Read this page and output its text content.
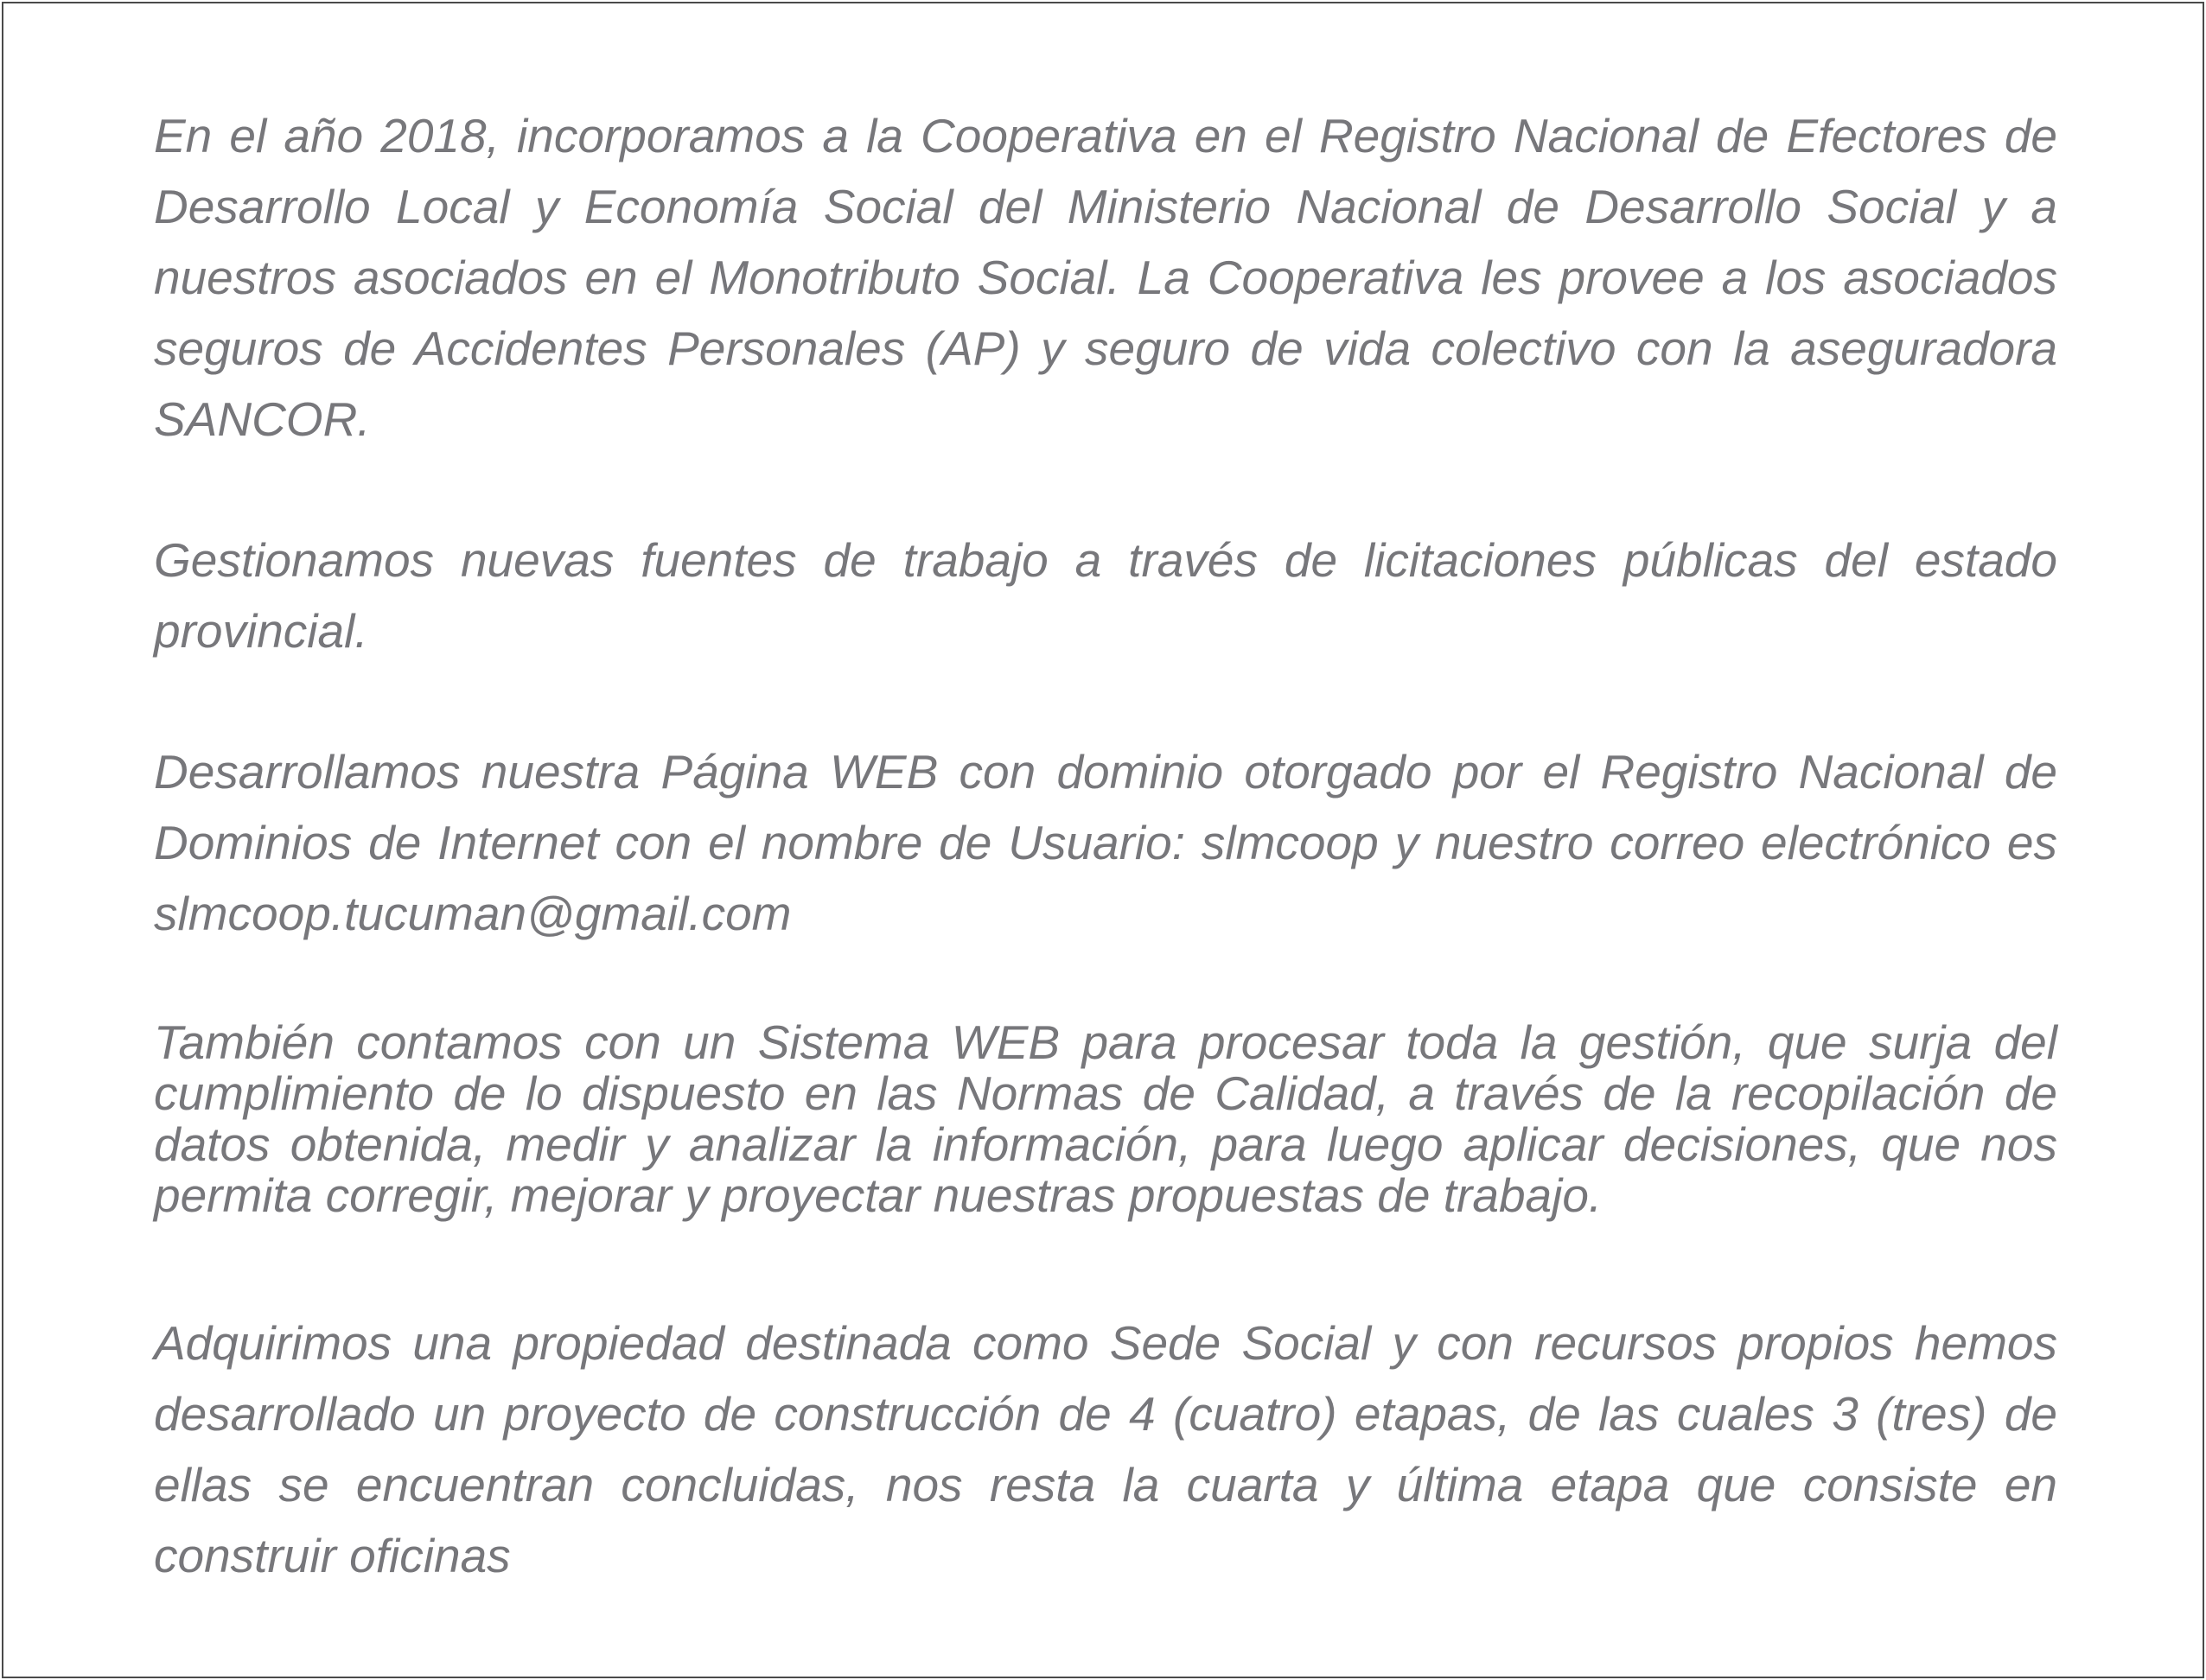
En el año 2018, incorporamos a la Cooperativa en el Registro Nacional de Efectores de Desarrollo Local y Economía Social del Ministerio Nacional de Desarrollo Social y a nuestros asociados en el Monotributo Social. La Cooperativa les provee a los asociados seguros de Accidentes Personales (AP) y seguro de vida colectivo con la aseguradora SANCOR.

Gestionamos nuevas fuentes de trabajo a través de licitaciones públicas del estado provincial.

Desarrollamos nuestra Página WEB con dominio otorgado por el Registro Nacional de Dominios de Internet con el nombre de Usuario: slmcoop y nuestro correo electrónico es slmcoop.tucuman@gmail.com

También contamos con un Sistema WEB para procesar toda la gestión, que surja del cumplimiento de lo dispuesto en las Normas de Calidad, a través de la recopilación de datos obtenida, medir y analizar la información, para luego aplicar decisiones, que nos permita corregir, mejorar y proyectar nuestras propuestas de trabajo.

Adquirimos una propiedad destinada como Sede Social y con recursos propios hemos desarrollado un proyecto de construcción de 4 (cuatro) etapas, de las cuales 3 (tres) de ellas se encuentran concluidas, nos resta la cuarta y última etapa que consiste en construir oficinas
